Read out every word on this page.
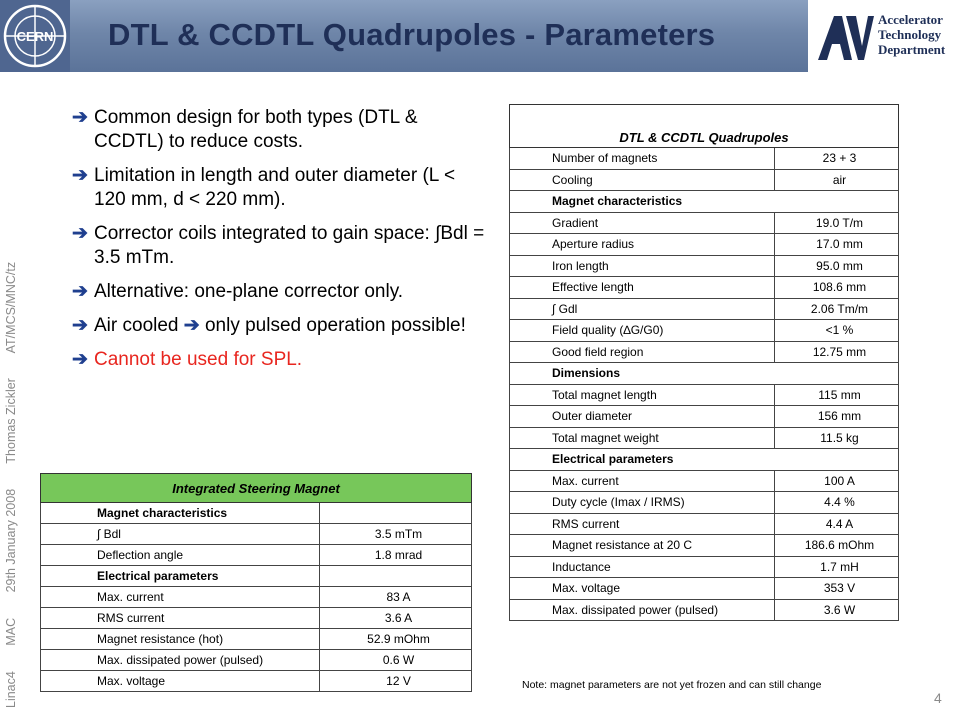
CERN DTL & CCDTL Quadrupoles - Parameters	Accelerator
Technology
Department
Linac4 MAC 29th January 2008 Thomas Zickler AT/MCS/MNC/tz
➔ Common design for both types (DTL & CCDTL) to reduce costs.
➔ Limitation in length and outer diameter (L < 120 mm, d < 220 mm).
➔ Corrector coils integrated to gain space: ∫Bdl = 3.5 mTm.
➔ Alternative: one-plane corrector only.
➔ Air cooled ➔ only pulsed operation possible!
➔ Cannot be used for SPL.
Integrated Steering Magnet	
Magnet characteristics	
∫ Bdl	3.5 mTm
Deflection angle	1.8 mrad
Electrical parameters	
Max. current	83 A
RMS current	3.6 A
Magnet resistance (hot)	52.9 mOhm
Max. dissipated power (pulsed)	0.6 W
Max. voltage	12 V
DTL & CCDTL Quadrupoles	
Number of magnets	23 + 3
Cooling	air
Magnet characteristics	
Gradient	19.0 T/m
Aperture radius	17.0 mm
Iron length	95.0 mm
Effective length	108.6 mm
∫ Gdl	2.06 Tm/m
Field quality (∆G/G0)	<1 %
Good field region	12.75 mm
Dimensions	
Total magnet length	115 mm
Outer diameter	156 mm
Total magnet weight	11.5 kg
Electrical parameters	
Max. current	100 A
Duty cycle (Imax / IRMS)	4.4 %
RMS current	4.4 A
Magnet resistance at 20 C	186.6 mOhm
Inductance	1.7 mH
Max. voltage	353 V
Max. dissipated power (pulsed)	3.6 W
Note: magnet parameters are not yet frozen and can still change
4
